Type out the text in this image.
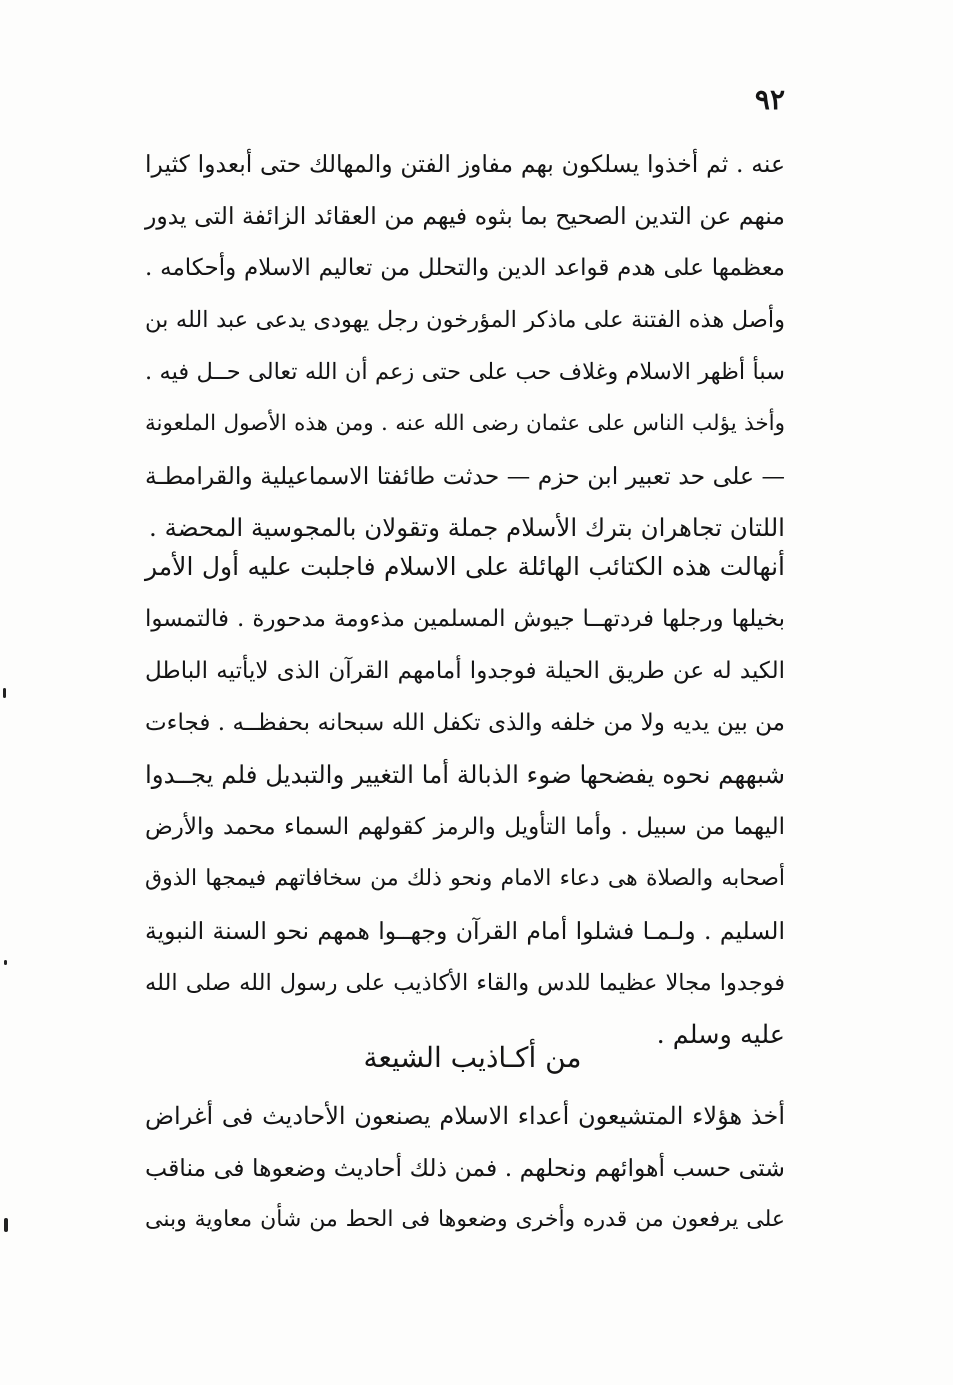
٩٢
عنه . ثم أخذوا يسلكون بهم مفاوز الفتن والمهالك حتى أبعدوا كثيرا
منهم عن التدين الصحيح بما بثوه فيهم من العقائد الزائفة التى يدور
معظمها على هدم قواعد الدين والتحلل من تعاليم الاسلام وأحكامه .
وأصل هذه الفتنة على ماذكر المؤرخون رجل يهودى يدعى عبد الله بن
سبأ أظهر الاسلام وغلاف حب على حتى زعم أن الله تعالى حــل فيه .
وأخذ يؤلب الناس على عثمان رضى الله عنه . ومن هذه الأصول الملعونة
— على حد تعبير ابن حزم — حدثت طائفتا الاسماعيلية والقرامطـة
اللتان تجاهران بترك الأسلام جملة وتقولان بالمجوسية المحضة .
أنهالت هذه الكتائب الهائلة على الاسلام فاجلبت عليه أول الأمر
بخيلها ورجلها فردتهــا جيوش المسلمين مذءومة مدحورة . فالتمسوا
الكيد له عن طريق الحيلة فوجدوا أمامهم القرآن الذى لايأتيه الباطل
من بين يديه ولا من خلفه والذى تكفل الله سبحانه بحفظــه . فجاءت
شبههم نحوه يفضحها ضوء الذبالة أما التغيير والتبديل فلم يجــدوا
اليهما من سبيل . وأما التأويل والرمز كقولهم السماء محمد والأرض
أصحابه والصلاة هى دعاء الامام ونحو ذلك من سخافاتهم فيمجها الذوق
السليم . ولـمـا فشلوا أمام القرآن وجهــوا همهم نحو السنة النبوية
فوجدوا مجالا عظيما للدس والقاء الأكاذيب على رسول الله صلى الله
عليه وسلم .
من أكـاذيب الشيعة
أخذ هؤلاء المتشيعون أعداء الاسلام يصنعون الأحاديث فى أغراض
شتى حسب أهوائهم ونحلهم . فمن ذلك أحاديث وضعوها فى مناقب
على يرفعون من قدره وأخرى وضعوها فى الحط من شأن معاوية وبنى
